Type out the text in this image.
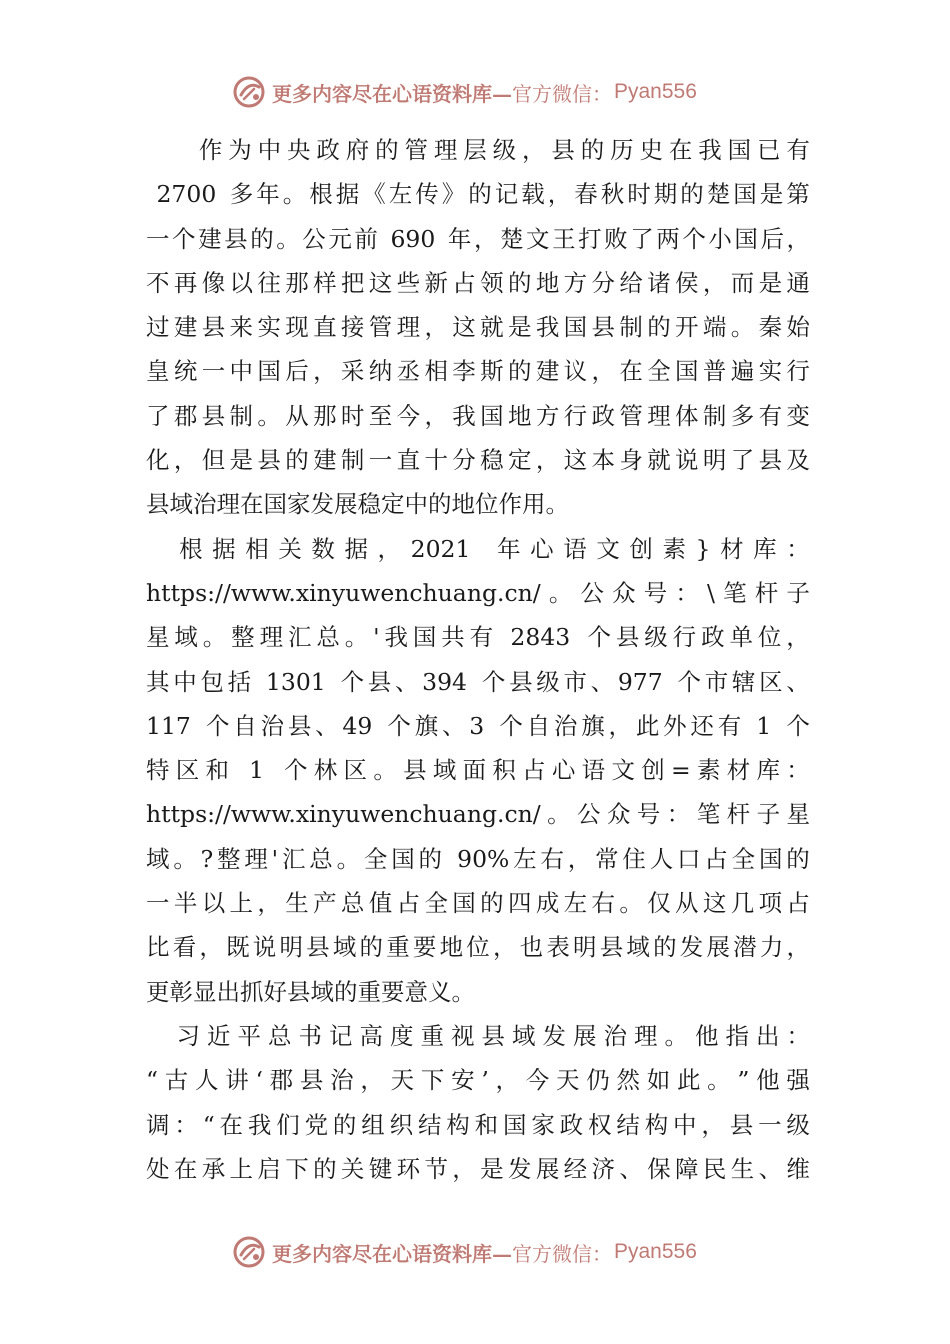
更多内容尽在心语资料库— 官方微信： Pyan556

作 为 中 央 政 府 的 管 理 层 级 ， 县 的 历 史 在 我 国 已 有

2700
多 年 。 根 据 《 左 传 》 的 记 载 ， 春 秋 时 期 的 楚 国 是 第
一 个 建 县 的 。 公 元 前
690
年 ， 楚 文 王 打 败 了 两 个 小 国 后 ，
不 再 像 以 往 那 样 把 这 些 新 占 领 的 地 方 分 给 诸 侯 ， 而 是 通
过 建 县 来 实 现 直 接 管 理 ， 这 就 是 我 国 县 制 的 开 端 。 秦 始
皇 统 一 中 国 后 ， 采 纳 丞 相 李 斯 的 建 议 ， 在 全 国 普 遍 实 行
了 郡 县 制 。 从 那 时 至 今 ， 我 国 地 方 行 政 管 理 体 制 多 有 变
化 ， 但 是 县 的 建 制 一 直 十 分 稳 定 ， 这 本 身 就 说 明 了 县 及
县域治理在国家发展稳定中的地位作用。

根 据 相 关 数 据 ， 2021
年 心 语 文 创 素 } 材 库 ：
https://www.xinyuwenchuang.cn/ 。 公 众 号 ： \ 笔 杆 子
星 域 。 整 理 汇 总 。 ' 我 国 共 有
2843
个 县 级 行 政 单 位 ，
其 中 包 括
1301
个 县 、 394
个 县 级 市 、 977
个 市 辖 区 、
117
个 自 治 县 、 49
个 旗 、 3
个 自 治 旗 ， 此 外 还 有
1
个
特 区 和
1
个 林 区 。 县 域 面 积 占 心 语 文 创 = 素 材 库 ：
https://www.xinyuwenchuang.cn/ 。 公 众 号 ： 笔 杆 子 星
域 。 ? 整 理 ' 汇 总 。 全 国 的
90% 左 右 ， 常 住 人 口 占 全 国 的
一 半 以 上 ， 生 产 总 值 占 全 国 的 四 成 左 右 。 仅 从 这 几 项 占
比 看 ， 既 说 明 县 域 的 重 要 地 位 ， 也 表 明 县 域 的 发 展 潜 力 ，
更彰显出抓好县域的重要意义。

习 近 平 总 书 记 高 度 重 视 县 域 发 展 治 理 。 他 指 出 ：
“ 古 人 讲 ‘ 郡 县 治 ， 天 下 安 ’ ， 今 天 仍 然 如 此 。 ” 他 强
调 ： “ 在 我 们 党 的 组 织 结 构 和 国 家 政 权 结 构 中 ， 县 一 级
处 在 承 上 启 下 的 关 键 环 节 ， 是 发 展 经 济 、 保 障 民 生 、 维
更多内容尽在心语资料库— 官方微信： Pyan556
